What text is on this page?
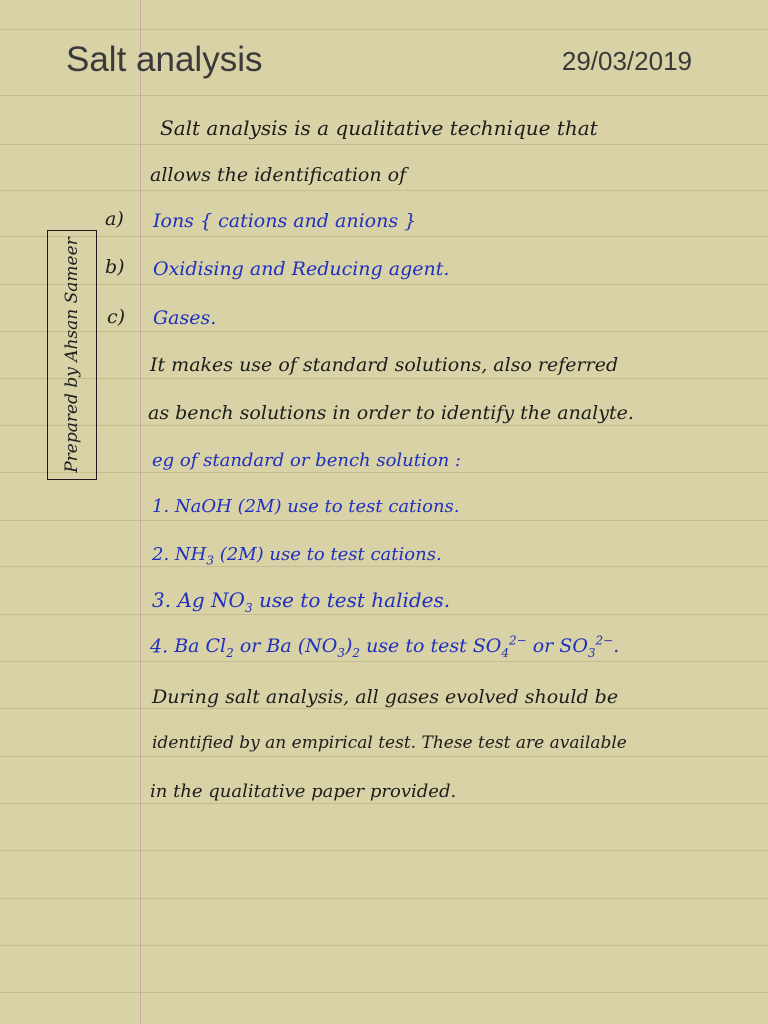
Salt analysis	29/03/2019
Prepared by Ahsan Sameer
Salt analysis is a qualitative technique that
allows the identification of
a) Ions { cations and anions }
b) Oxidising and Reducing agent.
c) Gases.
It makes use of standard solutions, also referred
as bench solutions in order to identify the analyte.
eg of standard or bench solution :
1. NaOH (2M) use to test cations.
2. $NH_3$ (2M) use to test cations.
3. Ag $NO_3$ use to test halides.
4. Ba $Cl_2$ or Ba $(NO_3)_2$ use to test $SO_4^{2-}$ or $SO_3^{2-}$.
During salt analysis, all gases evolved should be
identified by an empirical test. These test are available
in the qualitative paper provided.
